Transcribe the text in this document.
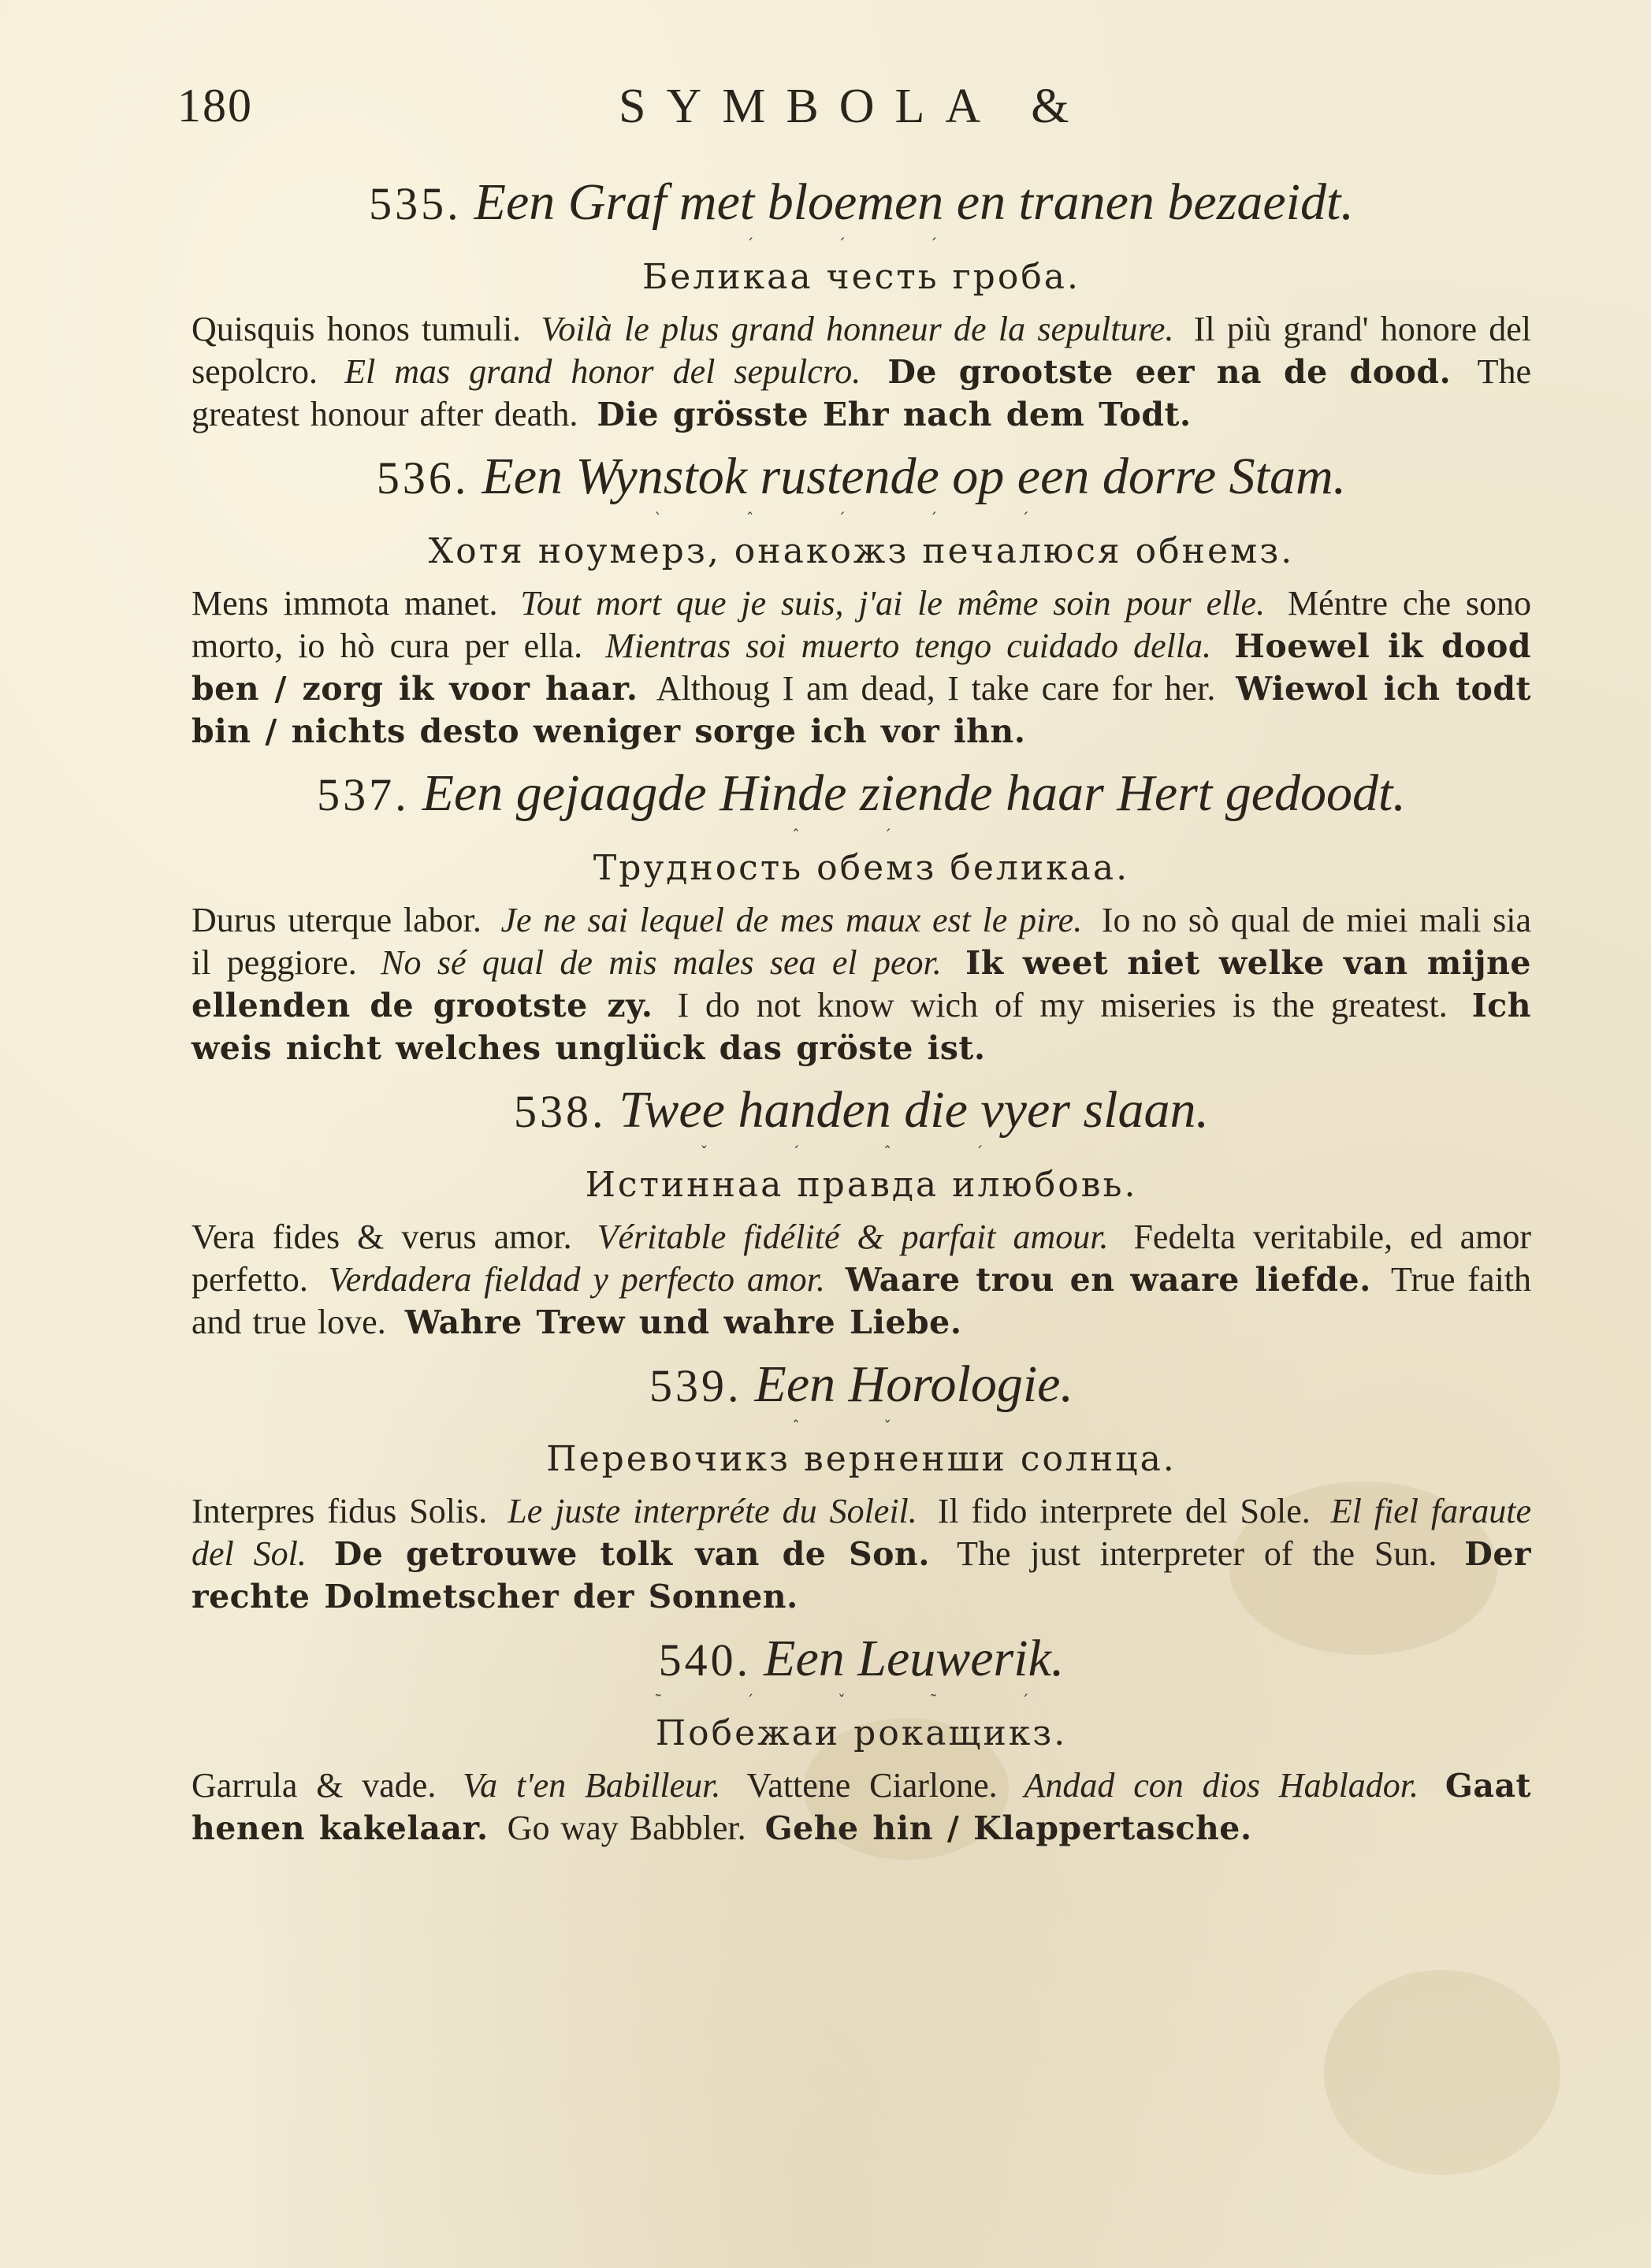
180	SYMBOLA &

535. Een Graf met bloemen en tranen bezaeidt.

ˊ ˊ ˊ

Беликаа честь гроба.

Quisquis honos tumuli. Voilà le plus grand honneur de la sepulture. Il più grand' honore del sepolcro. El mas grand honor del sepulcro. De grootste eer na de dood. The greatest honour after death. Die grösste Ehr nach dem Todt.

536. Een Wynstok rustende op een dorre Stam.

ˋ ˆ ˊ ˊ ˊ

Хотя ноумерз, онакожз печалюся обнемз.

Mens immota manet. Tout mort que je suis, j'ai le même soin pour elle. Méntre che sono morto, io hò cura per ella. Mientras soi muerto tengo cuidado della. Hoewel ik dood ben / zorg ik voor haar. Althoug I am dead, I take care for her. Wiewol ich todt bin / nichts desto weniger sorge ich vor ihn.

537. Een gejaagde Hinde ziende haar Hert gedoodt.

ˆ ˊ

Трудность обемз беликаа.

Durus uterque labor. Je ne sai lequel de mes maux est le pire. Io no sò qual de miei mali sia il peggiore. No sé qual de mis males sea el peor. Ik weet niet welke van mijne ellenden de grootste zy. I do not know wich of my miseries is the greatest. Ich weis nicht welches unglück das gröste ist.

538. Twee handen die vyer slaan.

ˇ ˊ ˆ ˊ

Истиннаа правда илюбовь.

Vera fides & verus amor. Véritable fidélité & parfait amour. Fedelta veritabile, ed amor perfetto. Verdadera fieldad y perfecto amor. Waare trou en waare liefde. True faith and true love. Wahre Trew und wahre Liebe.

539. Een Horologie.

ˆ ˇ

Перевочикз верненши солнца.

Interpres fidus Solis. Le juste interpréte du Soleil. Il fido interprete del Sole. El fiel faraute del Sol. De getrouwe tolk van de Son. The just interpreter of the Sun. Der rechte Dolmetscher der Sonnen.

540. Een Leuwerik.

˜ ˊ ˇ ˜ ˊ

Побежаи рокащикз.

Garrula & vade. Va t'en Babilleur. Vattene Ciarlone. Andad con dios Hablador. Gaat henen kakelaar. Go way Babbler. Gehe hin / Klappertasche.
